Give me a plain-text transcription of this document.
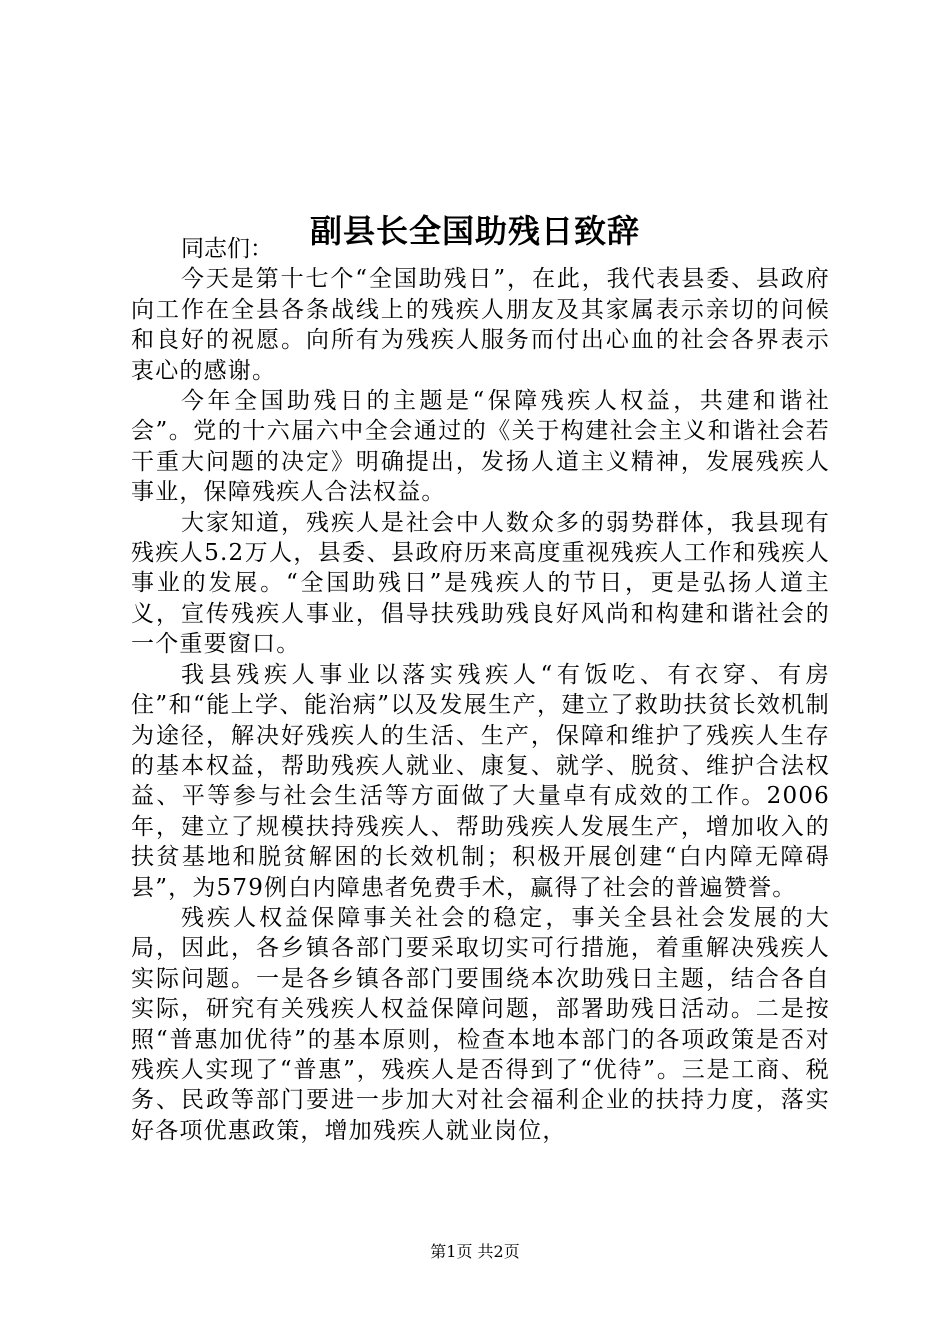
副县长全国助残日致辞

同志们：

今天是第十七个“全国助残日”，在此，我代表县委、县政府向工作在全县各条战线上的残疾人朋友及其家属表示亲切的问候和良好的祝愿。向所有为残疾人服务而付出心血的社会各界表示衷心的感谢。

今年全国助残日的主题是“保障残疾人权益，共建和谐社会”。党的十六届六中全会通过的《关于构建社会主义和谐社会若干重大问题的决定》明确提出，发扬人道主义精神，发展残疾人事业，保障残疾人合法权益。

大家知道，残疾人是社会中人数众多的弱势群体，我县现有残疾人5.2万人，县委、县政府历来高度重视残疾人工作和残疾人事业的发展。“全国助残日”是残疾人的节日，更是弘扬人道主义，宣传残疾人事业，倡导扶残助残良好风尚和构建和谐社会的一个重要窗口。

我县残疾人事业以落实残疾人“有饭吃、有衣穿、有房住”和“能上学、能治病”以及发展生产，建立了救助扶贫长效机制为途径，解决好残疾人的生活、生产，保障和维护了残疾人生存的基本权益，帮助残疾人就业、康复、就学、脱贫、维护合法权益、平等参与社会生活等方面做了大量卓有成效的工作。2006年，建立了规模扶持残疾人、帮助残疾人发展生产，增加收入的扶贫基地和脱贫解困的长效机制；积极开展创建“白内障无障碍县”，为579例白内障患者免费手术，赢得了社会的普遍赞誉。

残疾人权益保障事关社会的稳定，事关全县社会发展的大局，因此，各乡镇各部门要采取切实可行措施，着重解决残疾人实际问题。一是各乡镇各部门要围绕本次助残日主题，结合各自实际，研究有关残疾人权益保障问题，部署助残日活动。二是按照“普惠加优待”的基本原则，检查本地本部门的各项政策是否对残疾人实现了“普惠”，残疾人是否得到了“优待”。三是工商、税务、民政等部门要进一步加大对社会福利企业的扶持力度，落实好各项优惠政策，增加残疾人就业岗位，

第1页 共2页
